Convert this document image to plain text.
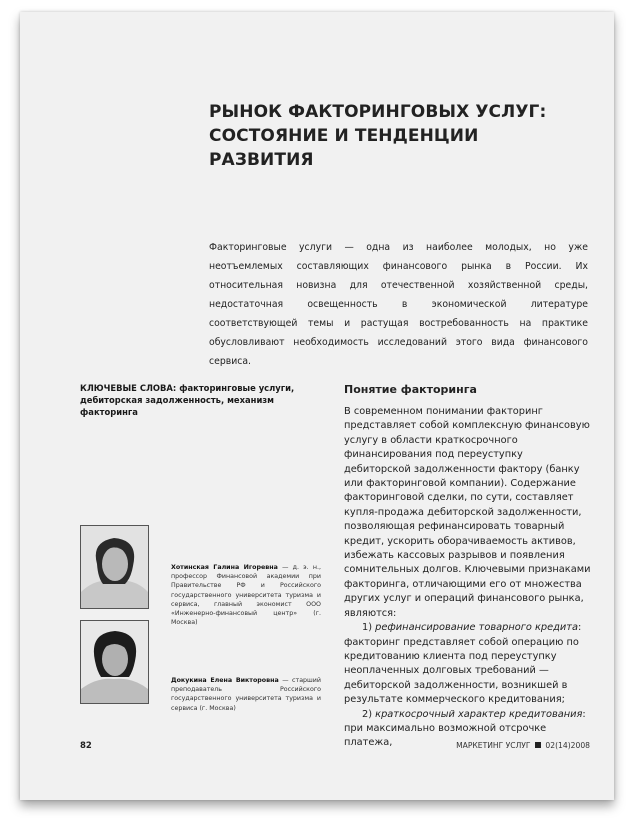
РЫНОК ФАКТОРИНГОВЫХ УСЛУГ:
СОСТОЯНИЕ И ТЕНДЕНЦИИ РАЗВИТИЯ
Факторинговые услуги — одна из наиболее молодых, но уже неотъемлемых составляющих финансового рынка в России. Их относительная новизна для отечественной хозяйственной среды, недостаточная освещенность в экономической литературе соответствующей темы и растущая востребованность на практике обусловливают необходимость исследований этого вида финансового сервиса.
КЛЮЧЕВЫЕ СЛОВА: факторинговые услуги, дебиторская задолженность, механизм факторинга
Понятие факторинга

В современном понимании факторинг представляет собой комплексную финансовую услугу в области краткосрочного финансирования под переуступку дебиторской задолженности фактору (банку или факторинговой компании). Содержание факторинговой сделки, по сути, составляет купля-продажа дебиторской задолженности, позволяющая рефинансировать товарный кредит, ускорить оборачиваемость активов, избежать кассовых разрывов и появления сомнительных долгов. Ключевыми признаками факторинга, отличающими его от множества других услуг и операций финансового рынка, являются:

1) рефинансирование товарного кредита: факторинг представляет собой операцию по кредитованию клиента под переуступку неоплаченных долговых требований — дебиторской задолженности, возникшей в результате коммерческого кредитования;

2) краткосрочный характер кредитования: при максимально возможной отсрочке платежа,

Хотинская Галина Игоревна — д. э. н., профессор Финансовой академии при Правительстве РФ и Российского государственного университета туризма и сервиса, главный экономист ООО «Инженерно-финансовый центр» (г. Москва)
Докукина Елена Викторовна — старший преподаватель Российского государственного университета туризма и сервиса (г. Москва)
82	МАРКЕТИНГ УСЛУГ 02(14)2008
